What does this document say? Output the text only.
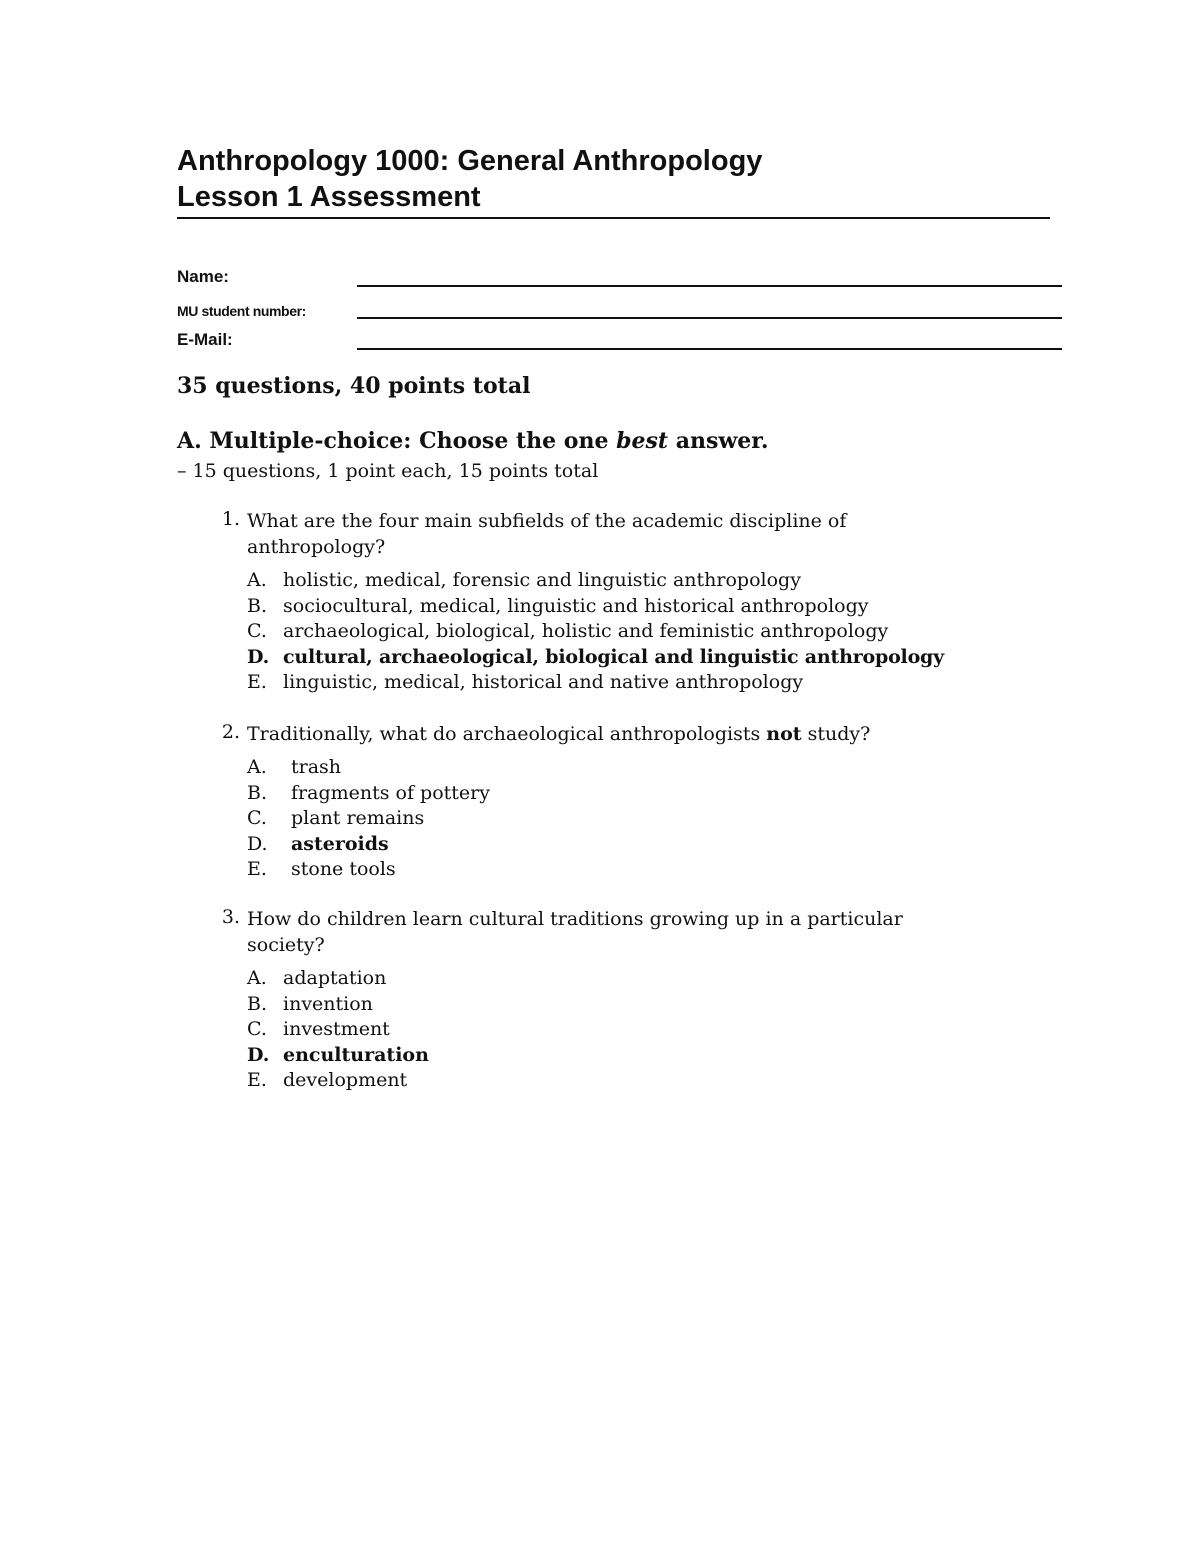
Anthropology 1000: General Anthropology
Lesson 1 Assessment
Name:
MU student number:
E-Mail:
35 questions, 40 points total
A. Multiple-choice: Choose the one best answer.
– 15 questions, 1 point each, 15 points total
1. What are the four main subfields of the academic discipline of
anthropology?
A. holistic, medical, forensic and linguistic anthropology
B. sociocultural, medical, linguistic and historical anthropology
C. archaeological, biological, holistic and feministic anthropology
D. cultural, archaeological, biological and linguistic anthropology
E. linguistic, medical, historical and native anthropology
2. Traditionally, what do archaeological anthropologists not study?
A. trash
B. fragments of pottery
C. plant remains
D. asteroids
E. stone tools
3. How do children learn cultural traditions growing up in a particular
society?
A. adaptation
B. invention
C. investment
D. enculturation
E. development
